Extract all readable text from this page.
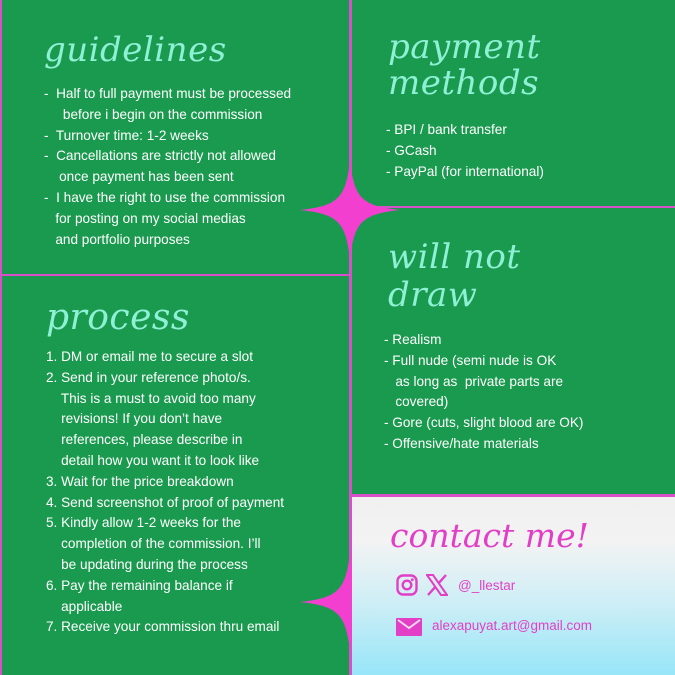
guidelines
-  Half to full payment must be processed
before i begin on the commission
-  Turnover time: 1-2 weeks
-  Cancellations are strictly not allowed
once payment has been sent
-  I have the right to use the commission
for posting on my social medias
and portfolio purposes
payment
methods
- BPI / bank transfer
- GCash
- PayPal (for international)
process
1. DM or email me to secure a slot
2. Send in your reference photo/s.
This is a must to avoid too many
revisions! If you don’t have
references, please describe in
detail how you want it to look like
3. Wait for the price breakdown
4. Send screenshot of proof of payment
5. Kindly allow 1-2 weeks for the
completion of the commission. I’ll
be updating during the process
6. Pay the remaining balance if
applicable
7. Receive your commission thru email
will not
draw
- Realism
- Full nude (semi nude is OK
as long as  private parts are
covered)
- Gore (cuts, slight blood are OK)
- Offensive/hate materials
contact me!
@_llestar
alexapuyat.art@gmail.com
